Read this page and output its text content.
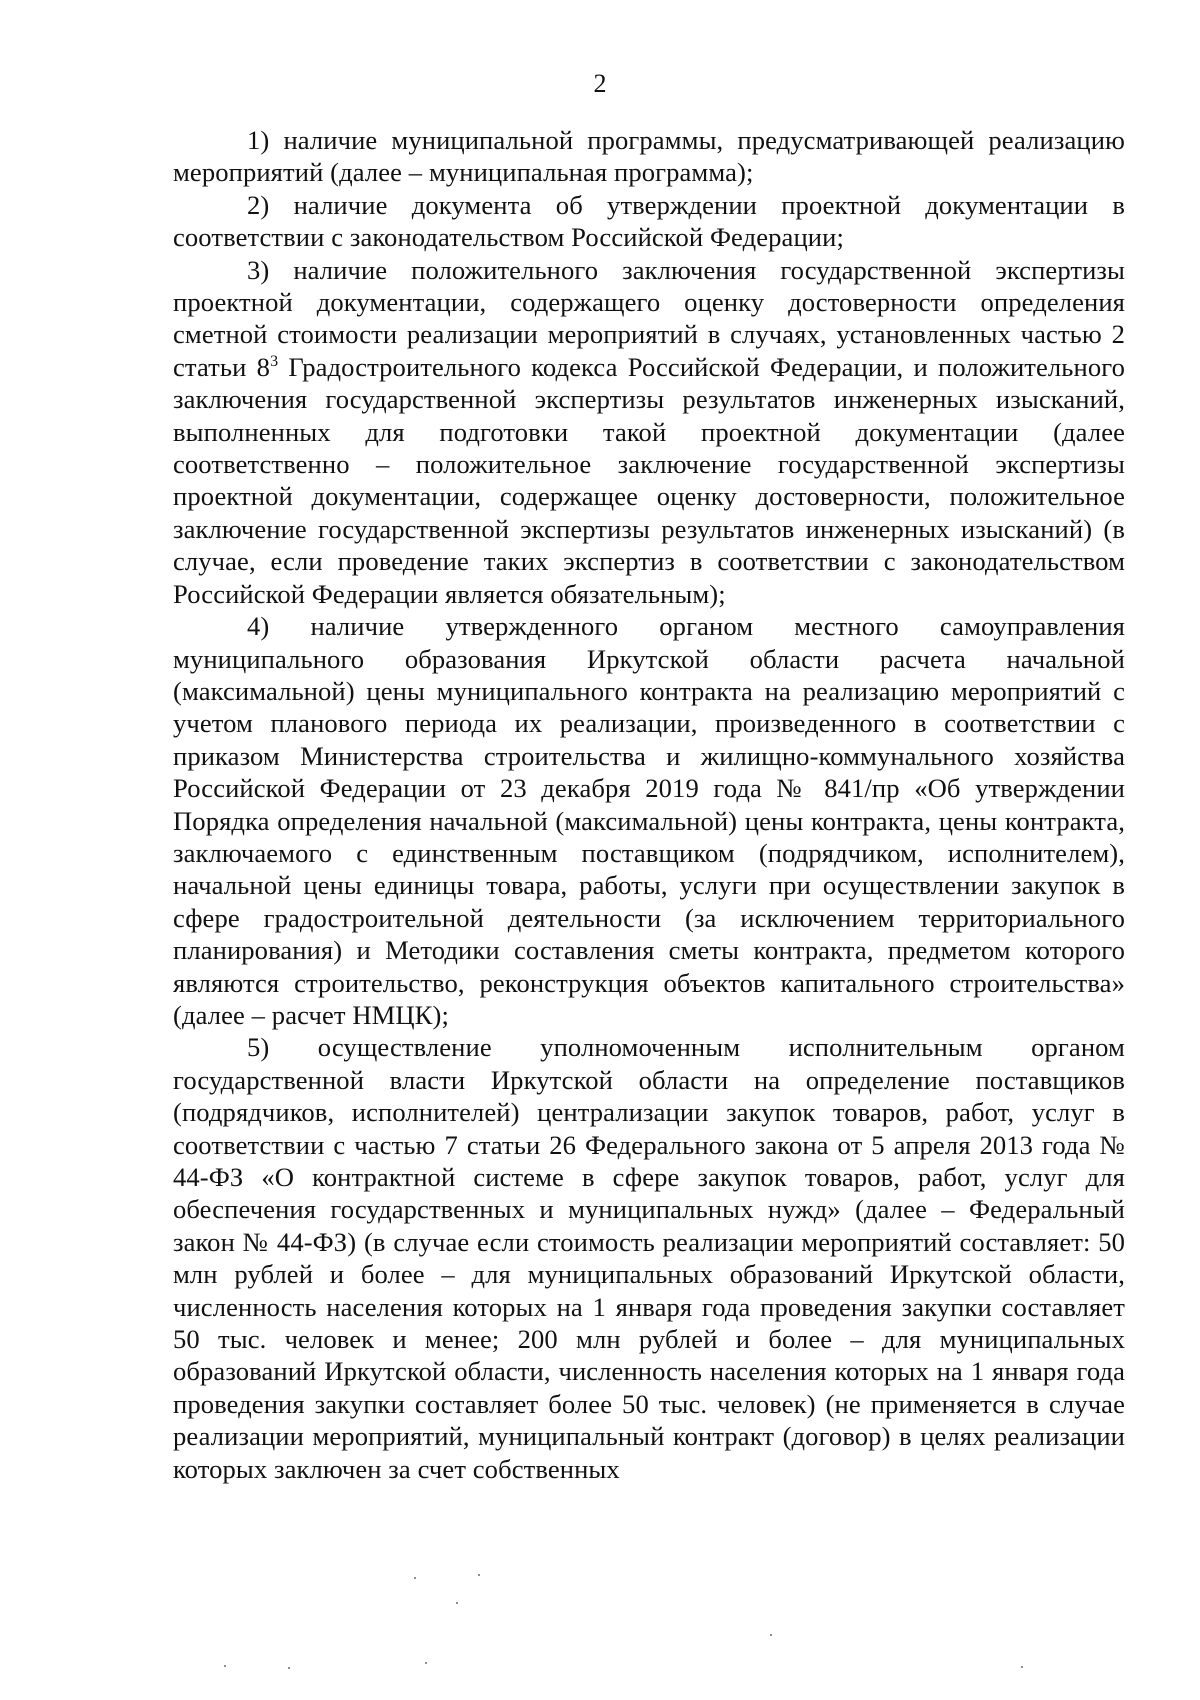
2

1) наличие муниципальной программы, предусматривающей реализацию мероприятий (далее – муниципальная программа);

2) наличие документа об утверждении проектной документации в соответствии с законодательством Российской Федерации;

3) наличие положительного заключения государственной экспертизы проектной документации, содержащего оценку достоверности определения сметной стоимости реализации мероприятий в случаях, установленных частью 2 статьи $8^3$ Градостроительного кодекса Российской Федерации, и положительного заключения государственной экспертизы результатов инженерных изысканий, выполненных для подготовки такой проектной документации (далее соответственно – положительное заключение государственной экспертизы проектной документации, содержащее оценку достоверности, положительное заключение государственной экспертизы результатов инженерных изысканий) (в случае, если проведение таких экспертиз в соответствии с законодательством Российской Федерации является обязательным);

4) наличие утвержденного органом местного самоуправления муниципального образования Иркутской области расчета начальной (максимальной) цены муниципального контракта на реализацию мероприятий с учетом планового периода их реализации, произведенного в соответствии с приказом Министерства строительства и жилищно-коммунального хозяйства Российской Федерации от 23 декабря 2019 года № 841/пр «Об утверждении Порядка определения начальной (максимальной) цены контракта, цены контракта, заключаемого с единственным поставщиком (подрядчиком, исполнителем), начальной цены единицы товара, работы, услуги при осуществлении закупок в сфере градостроительной деятельности (за исключением территориального планирования) и Методики составления сметы контракта, предметом которого являются строительство, реконструкция объектов капитального строительства» (далее – расчет НМЦК);

5) осуществление уполномоченным исполнительным органом государственной власти Иркутской области на определение поставщиков (подрядчиков, исполнителей) централизации закупок товаров, работ, услуг в соответствии с частью 7 статьи 26 Федерального закона от 5 апреля 2013 года № 44-ФЗ «О контрактной системе в сфере закупок товаров, работ, услуг для обеспечения государственных и муниципальных нужд» (далее – Федеральный закон № 44-ФЗ) (в случае если стоимость реализации мероприятий составляет: 50 млн рублей и более – для муниципальных образований Иркутской области, численность населения которых на 1 января года проведения закупки составляет 50 тыс. человек и менее; 200 млн рублей и более – для муниципальных образований Иркутской области, численность населения которых на 1 января года проведения закупки составляет более 50 тыс. человек) (не применяется в случае реализации мероприятий, муниципальный контракт (договор) в целях реализации которых заключен за счет собственных
